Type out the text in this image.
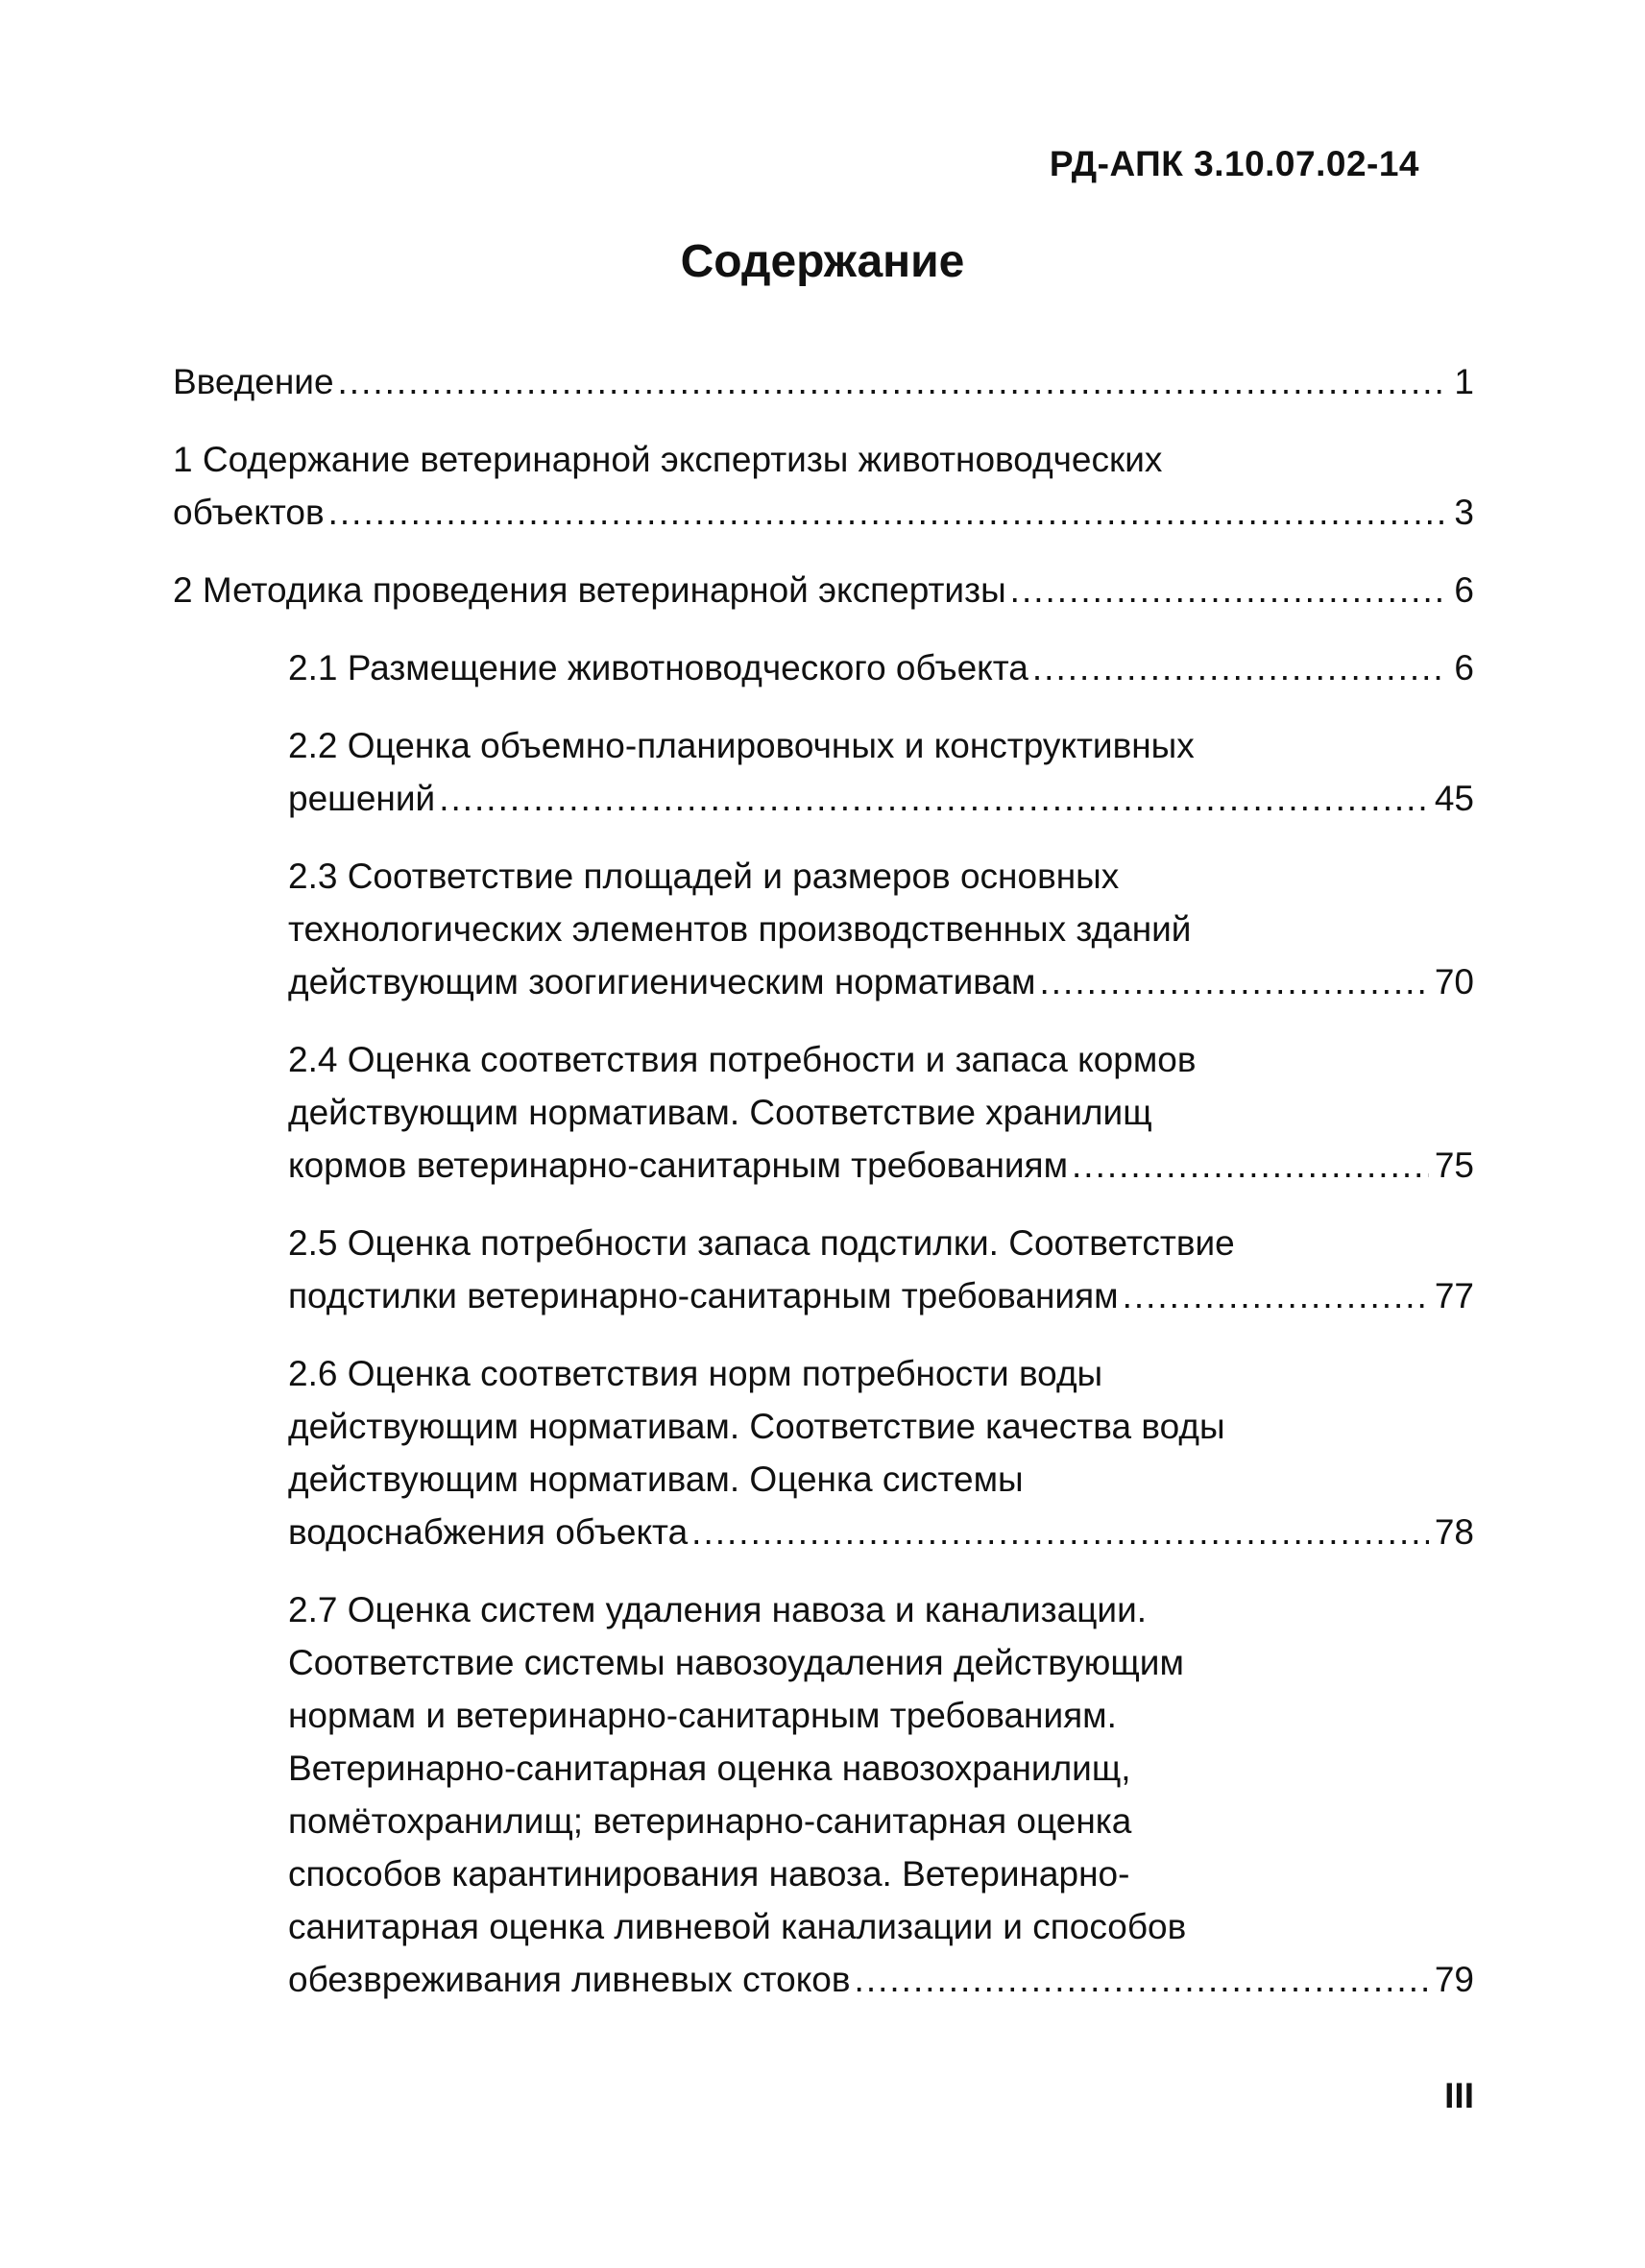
РД-АПК 3.10.07.02-14
Содержание
Введение .....	1
1 Содержание ветеринарной экспертизы животноводческих
объектов .....	3
2 Методика проведения ветеринарной экспертизы .....	6
2.1 Размещение животноводческого объекта .....	6
2.2 Оценка объемно-планировочных и конструктивных
решений .....	45
2.3 Соответствие площадей и размеров основных
технологических элементов производственных зданий
действующим зоогигиеническим нормативам .....	70
2.4 Оценка соответствия потребности и запаса кормов
действующим нормативам. Соответствие хранилищ
кормов ветеринарно-санитарным требованиям .....	75
2.5 Оценка потребности запаса подстилки. Соответствие
подстилки ветеринарно-санитарным требованиям .....	77
2.6 Оценка соответствия норм потребности воды
действующим нормативам. Соответствие качества воды
действующим нормативам. Оценка системы
водоснабжения объекта .....	78
2.7 Оценка систем удаления навоза и канализации.
Соответствие системы навозоудаления действующим
нормам и ветеринарно-санитарным требованиям.
Ветеринарно-санитарная оценка навозохранилищ,
помётохранилищ; ветеринарно-санитарная оценка
способов карантинирования навоза. Ветеринарно-
санитарная оценка ливневой канализации и способов
обезвреживания ливневых стоков .....	79
III
